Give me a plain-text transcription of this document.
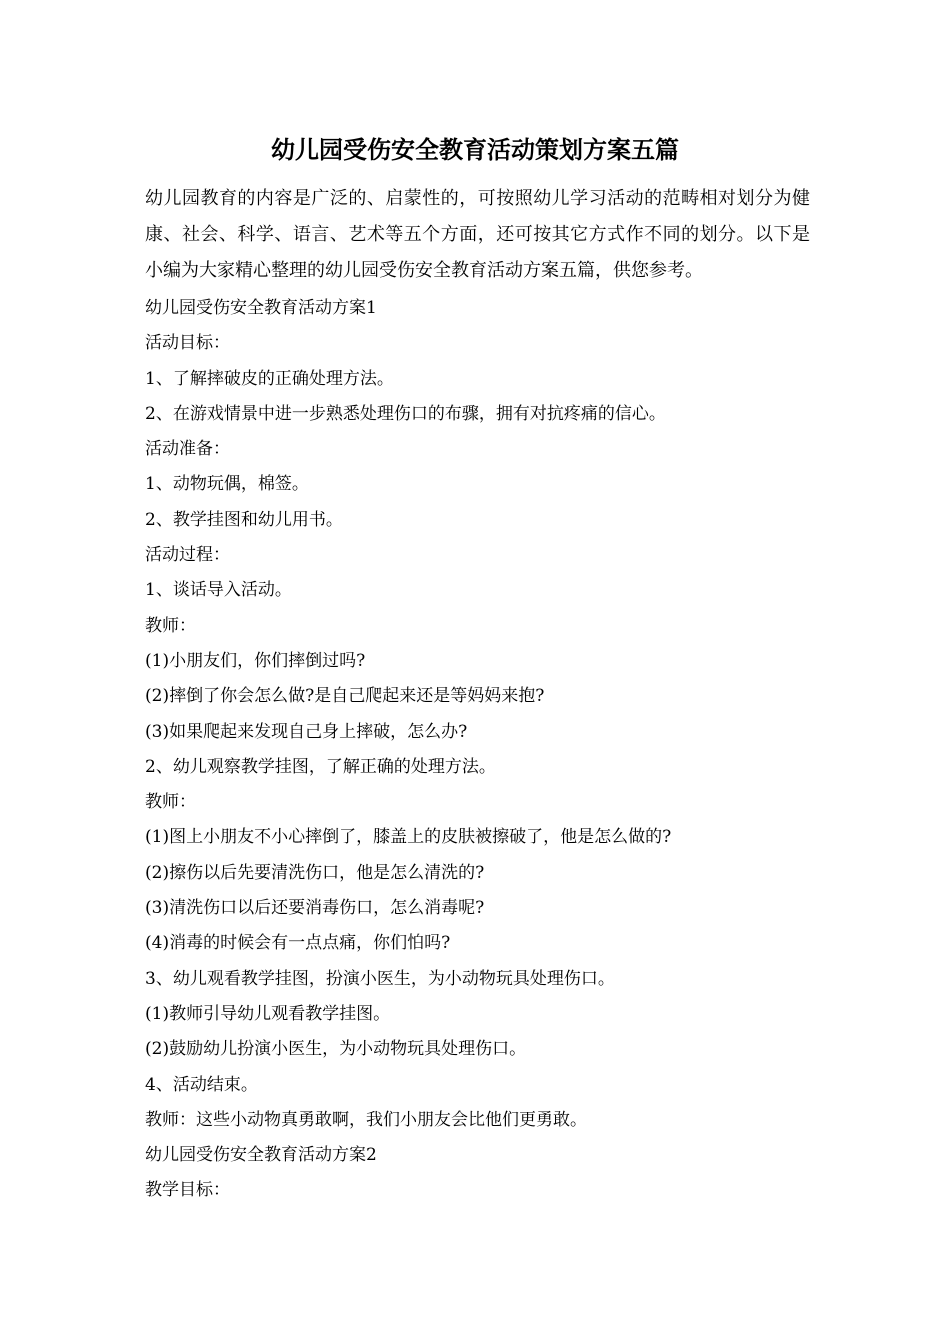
幼儿园受伤安全教育活动策划方案五篇
幼儿园教育的内容是广泛的、启蒙性的，可按照幼儿学习活动的范畴相对划分为健康、社会、科学、语言、艺术等五个方面，还可按其它方式作不同的划分。以下是小编为大家精心整理的幼儿园受伤安全教育活动方案五篇，供您参考。
幼儿园受伤安全教育活动方案1
活动目标：
1、了解摔破皮的正确处理方法。
2、在游戏情景中进一步熟悉处理伤口的布骤，拥有对抗疼痛的信心。
活动准备：
1、动物玩偶，棉签。
2、教学挂图和幼儿用书。
活动过程：
1、谈话导入活动。
教师：
(1)小朋友们，你们摔倒过吗?
(2)摔倒了你会怎么做?是自己爬起来还是等妈妈来抱?
(3)如果爬起来发现自己身上摔破，怎么办?
2、幼儿观察教学挂图，了解正确的处理方法。
教师：
(1)图上小朋友不小心摔倒了，膝盖上的皮肤被擦破了，他是怎么做的?
(2)擦伤以后先要清洗伤口，他是怎么清洗的?
(3)清洗伤口以后还要消毒伤口，怎么消毒呢?
(4)消毒的时候会有一点点痛，你们怕吗?
3、幼儿观看教学挂图，扮演小医生，为小动物玩具处理伤口。
(1)教师引导幼儿观看教学挂图。
(2)鼓励幼儿扮演小医生，为小动物玩具处理伤口。
4、活动结束。
教师：这些小动物真勇敢啊，我们小朋友会比他们更勇敢。
幼儿园受伤安全教育活动方案2
教学目标：
